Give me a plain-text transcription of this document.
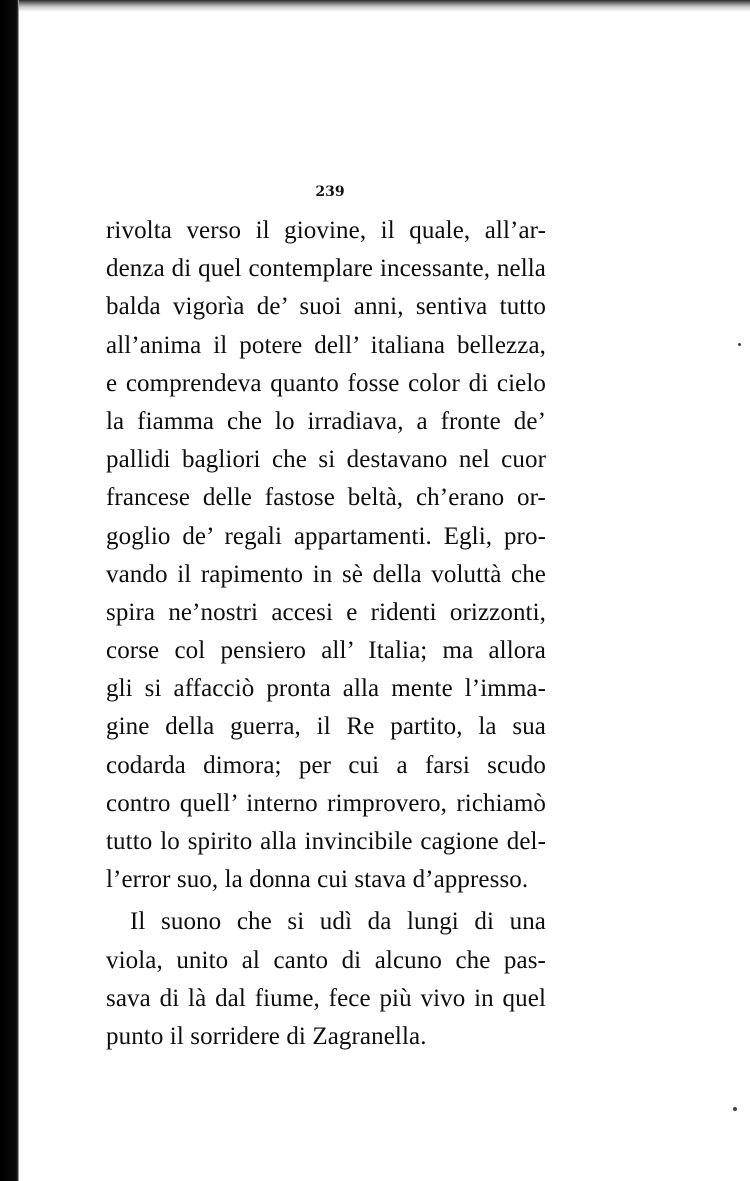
239
rivolta verso il giovine, il quale, all’ar-
denza di quel contemplare incessante, nella
balda vigorìa de’ suoi anni, sentiva tutto
all’anima il potere dell’ italiana bellezza,
e comprendeva quanto fosse color di cielo
la fiamma che lo irradiava, a fronte de’
pallidi bagliori che si destavano nel cuor
francese delle fastose beltà, ch’erano or-
goglio de’ regali appartamenti. Egli, pro-
vando il rapimento in sè della voluttà che
spira ne’nostri accesi e ridenti orizzonti,
corse col pensiero all’ Italia; ma allora
gli si affacciò pronta alla mente l’imma-
gine della guerra, il Re partito, la sua
codarda dimora; per cui a farsi scudo
contro quell’ interno rimprovero, richiamò
tutto lo spirito alla invincibile cagione del-
l’error suo, la donna cui stava d’appresso.
Il suono che si udì da lungi di una
viola, unito al canto di alcuno che pas-
sava di là dal fiume, fece più vivo in quel
punto il sorridere di Zagranella.
